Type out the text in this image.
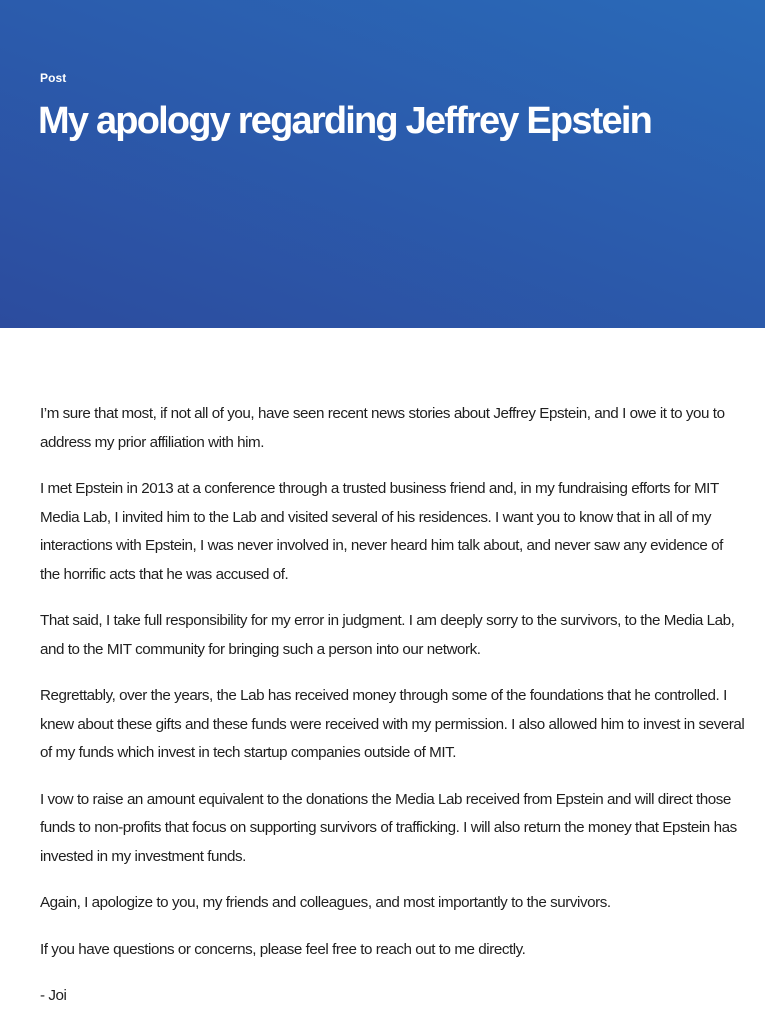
Post
My apology regarding Jeffrey Epstein

I’m sure that most, if not all of you, have seen recent news stories about Jeffrey Epstein, and I owe it to you to address my prior affiliation with him.

I met Epstein in 2013 at a conference through a trusted business friend and, in my fundraising efforts for MIT Media Lab, I invited him to the Lab and visited several of his residences. I want you to know that in all of my interactions with Epstein, I was never involved in, never heard him talk about, and never saw any evidence of the horrific acts that he was accused of.

That said, I take full responsibility for my error in judgment. I am deeply sorry to the survivors, to the Media Lab, and to the MIT community for bringing such a person into our network.

Regrettably, over the years, the Lab has received money through some of the foundations that he controlled. I knew about these gifts and these funds were received with my permission. I also allowed him to invest in several of my funds which invest in tech startup companies outside of MIT.

I vow to raise an amount equivalent to the donations the Media Lab received from Epstein and will direct those funds to non-profits that focus on supporting survivors of trafficking. I will also return the money that Epstein has invested in my investment funds.

Again, I apologize to you, my friends and colleagues, and most importantly to the survivors.

If you have questions or concerns, please feel free to reach out to me directly.

- Joi
